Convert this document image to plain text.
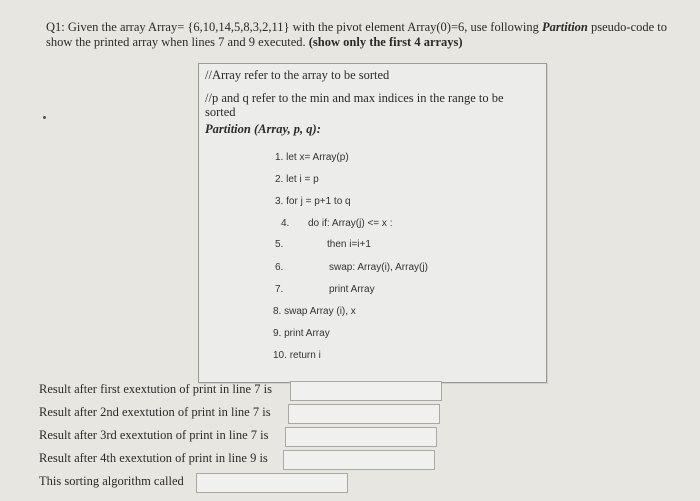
Q1: Given the array Array= {6,10,14,5,8,3,2,11} with the pivot element Array(0)=6, use following Partition pseudo-code to show the printed array when lines 7 and 9 executed. (show only the first 4 arrays)
//Array refer to the array to be sorted
//p and q refer to the min and max indices in the range to be sorted
Partition (Array, p, q):
1. let x= Array(p)
2. let i = p
3. for j = p+1 to q
4. do if: Array(j) <= x :
5.	then i=i+1
6.	swap: Array(i), Array(j)
7.	print Array
8. swap Array (i), x
9. print Array
10. return i
Result after first exextution of print in line 7 is
Result after 2nd exextution of print in line 7 is
Result after 3rd exextution of print in line 7 is
Result after 4th exextution of print in line 9 is
This sorting algorithm called
